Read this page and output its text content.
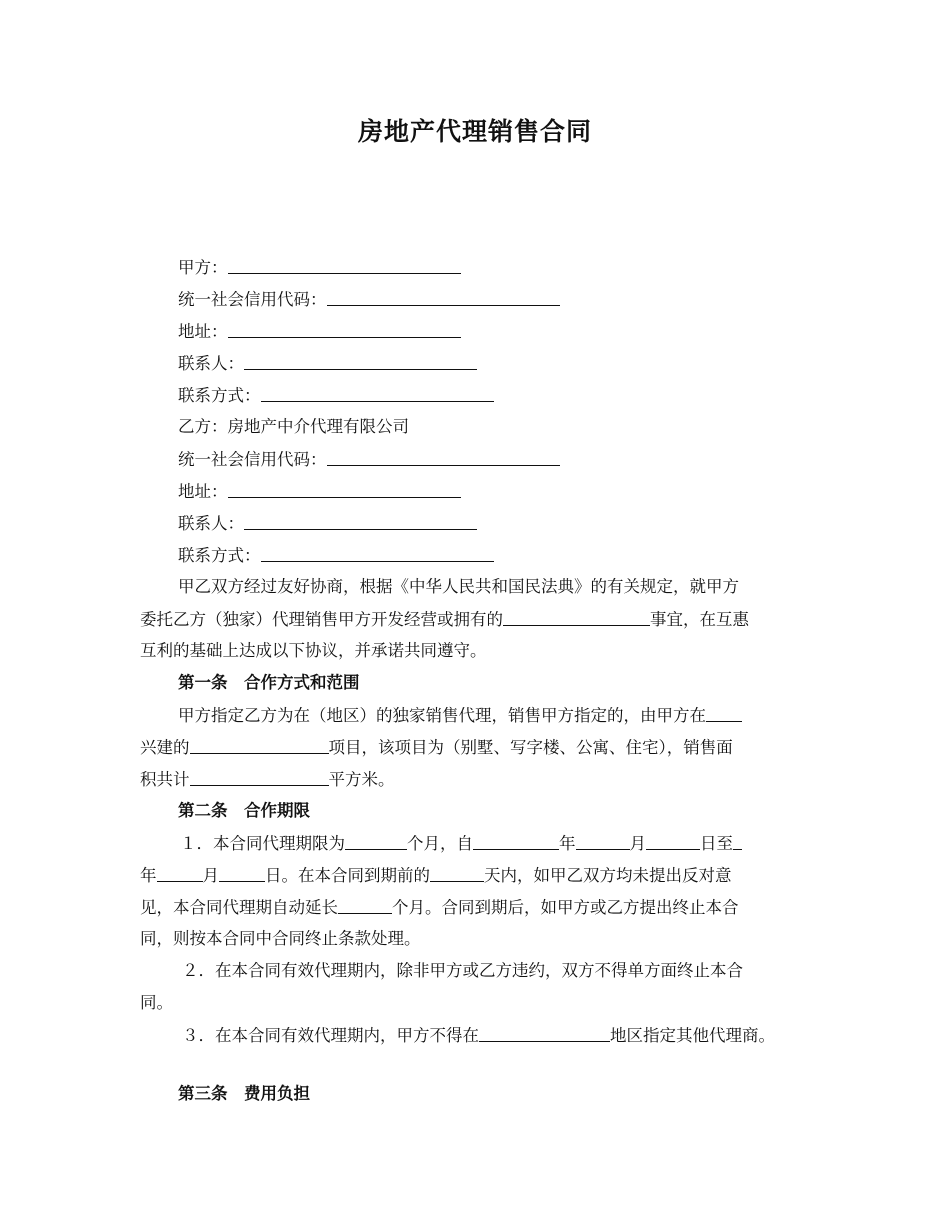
房地产代理销售合同
甲方：
统一社会信用代码：
地址：
联系人：
联系方式：
乙方：房地产中介代理有限公司
统一社会信用代码：
地址：
联系人：
联系方式：
甲乙双方经过友好协商，根据《中华人民共和国民法典》的有关规定，就甲方
委托乙方（独家）代理销售甲方开发经营或拥有的	事宜，在互惠
互利的基础上达成以下协议，并承诺共同遵守。
第一条　合作方式和范围
甲方指定乙方为在（地区）的独家销售代理，销售甲方指定的，由甲方在
兴建的	项目，该项目为（别墅、写字楼、公寓、住宅），销售面
积共计	平方米。
第二条　合作期限
１．本合同代理期限为	个月，自	年	月	日至
年	月	日。在本合同到期前的	天内，如甲乙双方均未提出反对意
见，本合同代理期自动延长	个月。合同到期后，如甲方或乙方提出终止本合
同，则按本合同中合同终止条款处理。
２．在本合同有效代理期内，除非甲方或乙方违约，双方不得单方面终止本合
同。
３．在本合同有效代理期内，甲方不得在	地区指定其他代理商。
第三条　费用负担
